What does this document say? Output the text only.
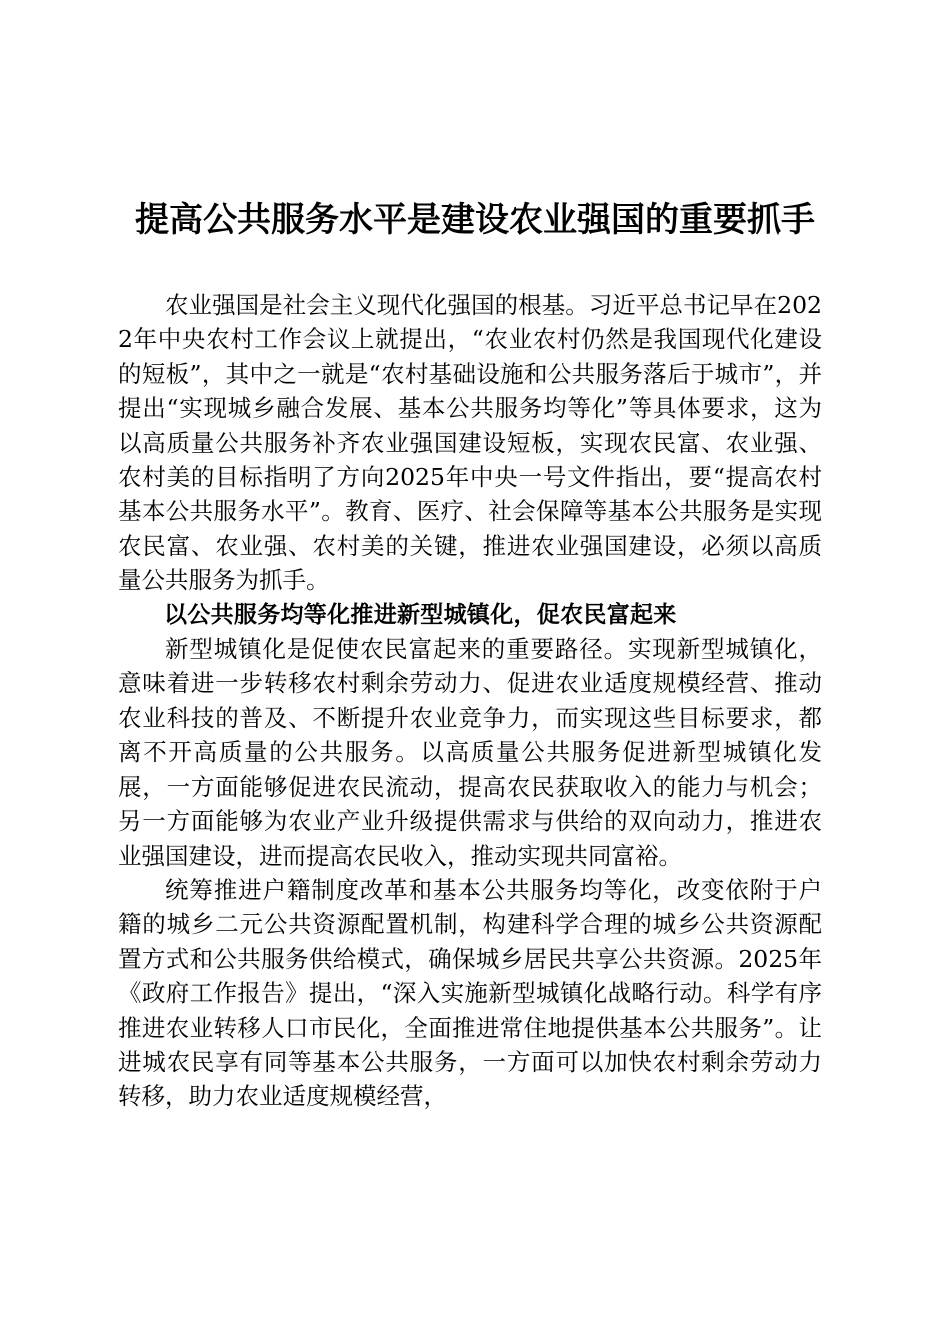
提高公共服务水平是建设农业强国的重要抓手

农业强国是社会主义现代化强国的根基。习近平总书记早在2022年中央农村工作会议上就提出，“农业农村仍然是我国现代化建设的短板”，其中之一就是“农村基础设施和公共服务落后于城市”，并提出“实现城乡融合发展、基本公共服务均等化”等具体要求，这为以高质量公共服务补齐农业强国建设短板，实现农民富、农业强、农村美的目标指明了方向2025年中央一号文件指出，要“提高农村基本公共服务水平”。教育、医疗、社会保障等基本公共服务是实现农民富、农业强、农村美的关键，推进农业强国建设，必须以高质量公共服务为抓手。

以公共服务均等化推进新型城镇化，促农民富起来

新型城镇化是促使农民富起来的重要路径。实现新型城镇化，意味着进一步转移农村剩余劳动力、促进农业适度规模经营、推动农业科技的普及、不断提升农业竞争力，而实现这些目标要求，都离不开高质量的公共服务。以高质量公共服务促进新型城镇化发展，一方面能够促进农民流动，提高农民获取收入的能力与机会；另一方面能够为农业产业升级提供需求与供给的双向动力，推进农业强国建设，进而提高农民收入，推动实现共同富裕。

统筹推进户籍制度改革和基本公共服务均等化，改变依附于户籍的城乡二元公共资源配置机制，构建科学合理的城乡公共资源配置方式和公共服务供给模式，确保城乡居民共享公共资源。2025年《政府工作报告》提出，“深入实施新型城镇化战略行动。科学有序推进农业转移人口市民化，全面推进常住地提供基本公共服务”。让进城农民享有同等基本公共服务，一方面可以加快农村剩余劳动力转移，助力农业适度规模经营，
